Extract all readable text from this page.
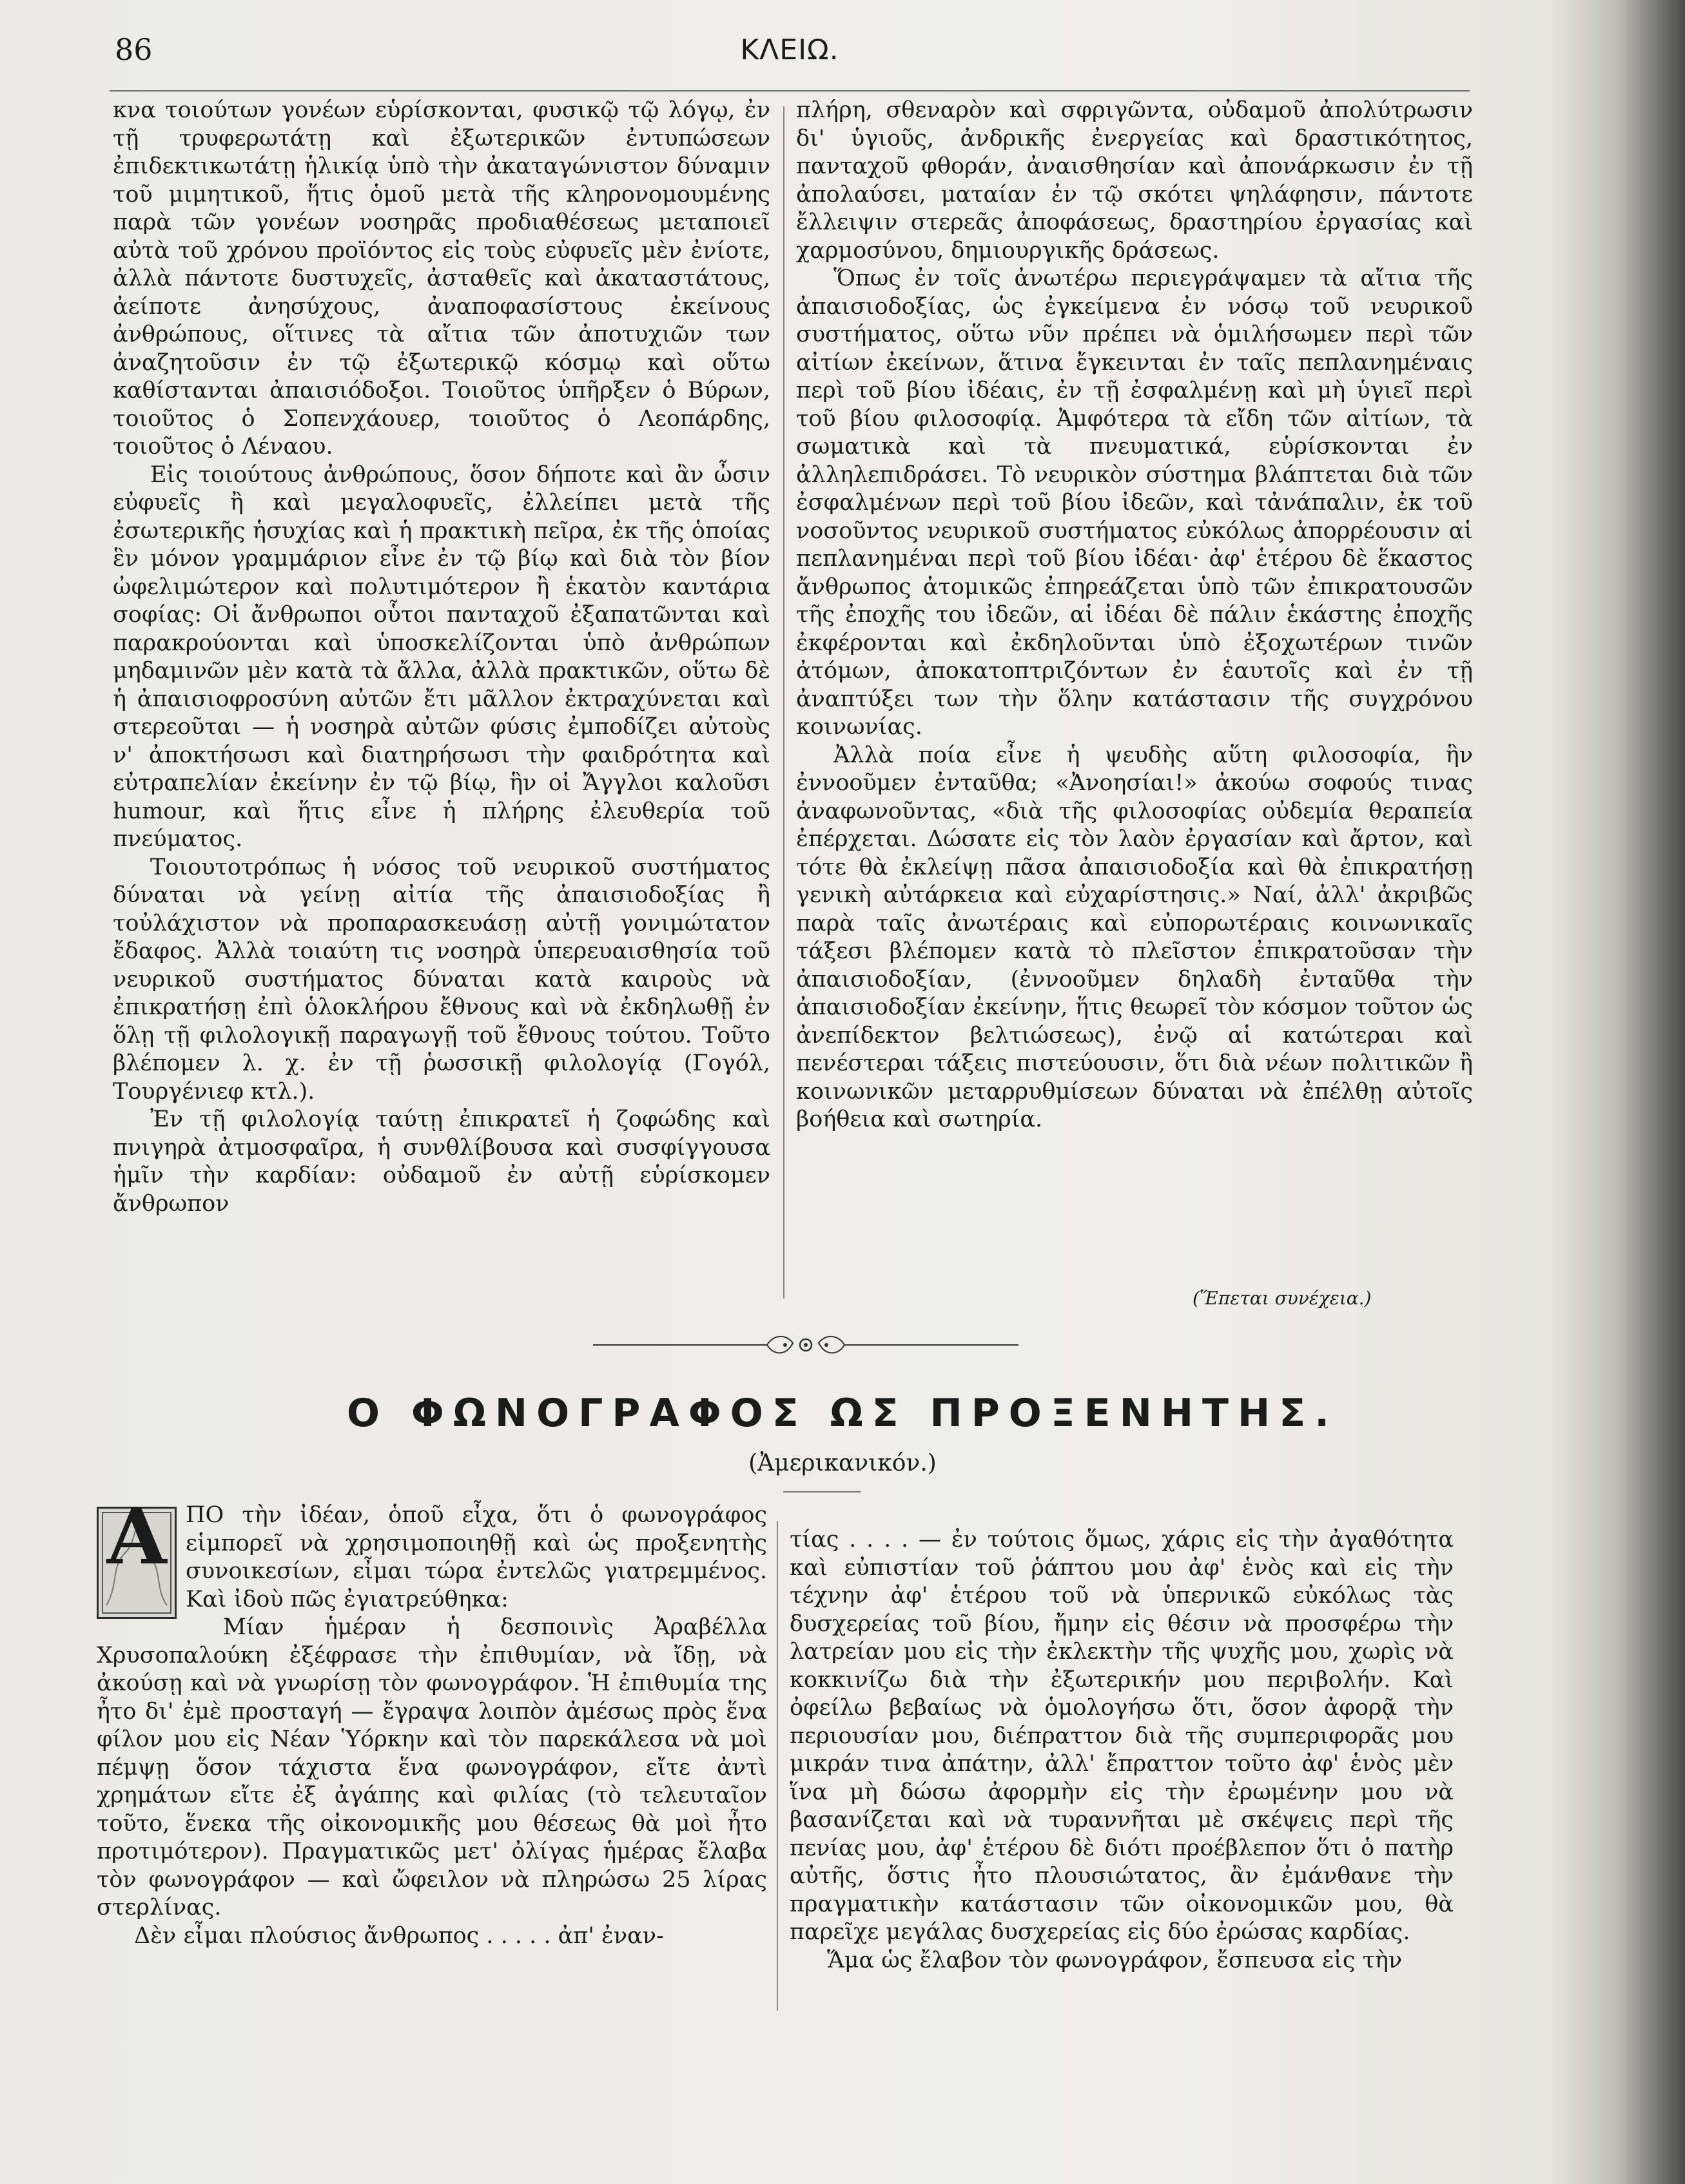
86	ΚΛΕΙΩ.

κνα τοιούτων γονέων εὑρίσκονται, φυσικῷ τῷ λόγῳ, ἐν τῇ τρυφερωτάτῃ καὶ ἐξωτερικῶν ἐντυπώσεων ἐπιδεκτικωτάτῃ ἡλικίᾳ ὑπὸ τὴν ἀκαταγώνιστον δύναμιν τοῦ μιμητικοῦ, ἥτις ὁμοῦ μετὰ τῆς κληρονομουμένης παρὰ τῶν γονέων νοσηρᾶς προδιαθέσεως μεταποιεῖ αὐτὰ τοῦ χρόνου προϊόντος εἰς τοὺς εὐφυεῖς μὲν ἐνίοτε, ἀλλὰ πάντοτε δυστυχεῖς, ἀσταθεῖς καὶ ἀκαταστάτους, ἀείποτε ἀνησύχους, ἀναποφασίστους ἐκείνους ἀνθρώπους, οἵτινες τὰ αἴτια τῶν ἀποτυχιῶν των ἀναζητοῦσιν ἐν τῷ ἐξωτερικῷ κόσμῳ καὶ οὕτω καθίστανται ἀπαισιόδοξοι. Τοιοῦτος ὑπῆρξεν ὁ Βύρων, τοιοῦτος ὁ Σοπενχάουερ, τοιοῦτος ὁ Λεοπάρδης, τοιοῦτος ὁ Λέναου.

Εἰς τοιούτους ἀνθρώπους, ὅσον δήποτε καὶ ἂν ὦσιν εὐφυεῖς ἢ καὶ μεγαλοφυεῖς, ἐλλείπει μετὰ τῆς ἐσωτερικῆς ἡσυχίας καὶ ἡ πρακτικὴ πεῖρα, ἐκ τῆς ὁποίας ἓν μόνον γραμμάριον εἶνε ἐν τῷ βίῳ καὶ διὰ τὸν βίον ὠφελιμώτερον καὶ πολυτιμότερον ἢ ἑκατὸν καντάρια σοφίας: Οἱ ἄνθρωποι οὗτοι πανταχοῦ ἐξαπατῶνται καὶ παρακρούονται καὶ ὑποσκελίζονται ὑπὸ ἀνθρώπων μηδαμινῶν μὲν κατὰ τὰ ἄλλα, ἀλλὰ πρακτικῶν, οὕτω δὲ ἡ ἀπαισιοφροσύνη αὐτῶν ἔτι μᾶλλον ἐκτραχύνεται καὶ στερεοῦται — ἡ νοσηρὰ αὐτῶν φύσις ἐμποδίζει αὐτοὺς ν' ἀποκτήσωσι καὶ διατηρήσωσι τὴν φαιδρότητα καὶ εὐτραπελίαν ἐκείνην ἐν τῷ βίῳ, ἣν οἱ Ἄγγλοι καλοῦσι humour, καὶ ἥτις εἶνε ἡ πλήρης ἐλευθερία τοῦ πνεύματος.

Τοιουτοτρόπως ἡ νόσος τοῦ νευρικοῦ συστήματος δύναται νὰ γείνῃ αἰτία τῆς ἀπαισιοδοξίας ἢ τοὐλάχιστον νὰ προπαρασκευάσῃ αὐτῇ γονιμώτατον ἔδαφος. Ἀλλὰ τοιαύτη τις νοσηρὰ ὑπερευαισθησία τοῦ νευρικοῦ συστήματος δύναται κατὰ καιροὺς νὰ ἐπικρατήσῃ ἐπὶ ὁλοκλήρου ἔθνους καὶ νὰ ἐκδηλωθῇ ἐν ὅλῃ τῇ φιλολογικῇ παραγωγῇ τοῦ ἔθνους τούτου. Τοῦτο βλέπομεν λ. χ. ἐν τῇ ῥωσσικῇ φιλολογίᾳ (Γογόλ, Τουργένιεφ κτλ.).

Ἐν τῇ φιλολογίᾳ ταύτῃ ἐπικρατεῖ ἡ ζοφώδης καὶ πνιγηρὰ ἀτμοσφαῖρα, ἡ συνθλίβουσα καὶ συσφίγγουσα ἡμῖν τὴν καρδίαν: οὐδαμοῦ ἐν αὐτῇ εὑρίσκομεν ἄνθρωπον

πλήρη, σθεναρὸν καὶ σφριγῶντα, οὐδαμοῦ ἀπολύτρωσιν δι' ὑγιοῦς, ἀνδρικῆς ἐνεργείας καὶ δραστικότητος, πανταχοῦ φθοράν, ἀναισθησίαν καὶ ἀπονάρκωσιν ἐν τῇ ἀπολαύσει, ματαίαν ἐν τῷ σκότει ψηλάφησιν, πάντοτε ἔλλειψιν στερεᾶς ἀποφάσεως, δραστηρίου ἐργασίας καὶ χαρμοσύνου, δημιουργικῆς δράσεως.

Ὅπως ἐν τοῖς ἀνωτέρω περιεγράψαμεν τὰ αἴτια τῆς ἀπαισιοδοξίας, ὡς ἐγκείμενα ἐν νόσῳ τοῦ νευρικοῦ συστήματος, οὕτω νῦν πρέπει νὰ ὁμιλήσωμεν περὶ τῶν αἰτίων ἐκείνων, ἅτινα ἔγκεινται ἐν ταῖς πεπλανημέναις περὶ τοῦ βίου ἰδέαις, ἐν τῇ ἐσφαλμένῃ καὶ μὴ ὑγιεῖ περὶ τοῦ βίου φιλοσοφίᾳ. Ἀμφότερα τὰ εἴδη τῶν αἰτίων, τὰ σωματικὰ καὶ τὰ πνευματικά, εὑρίσκονται ἐν ἀλληλεπιδράσει. Τὸ νευρικὸν σύστημα βλάπτεται διὰ τῶν ἐσφαλμένων περὶ τοῦ βίου ἰδεῶν, καὶ τἀνάπαλιν, ἐκ τοῦ νοσοῦντος νευρικοῦ συστήματος εὐκόλως ἀπορρέουσιν αἱ πεπλανημέναι περὶ τοῦ βίου ἰδέαι· ἀφ' ἑτέρου δὲ ἕκαστος ἄνθρωπος ἀτομικῶς ἐπηρεάζεται ὑπὸ τῶν ἐπικρατουσῶν τῆς ἐποχῆς του ἰδεῶν, αἱ ἰδέαι δὲ πάλιν ἑκάστης ἐποχῆς ἐκφέρονται καὶ ἐκδηλοῦνται ὑπὸ ἐξοχωτέρων τινῶν ἀτόμων, ἀποκατοπτριζόντων ἐν ἑαυτοῖς καὶ ἐν τῇ ἀναπτύξει των τὴν ὅλην κατάστασιν τῆς συγχρόνου κοινωνίας.

Ἀλλὰ ποία εἶνε ἡ ψευδὴς αὕτη φιλοσοφία, ἣν ἐννοοῦμεν ἐνταῦθα; «Ἀνοησίαι!» ἀκούω σοφούς τινας ἀναφωνοῦντας, «διὰ τῆς φιλοσοφίας οὐδεμία θεραπεία ἐπέρχεται. Δώσατε εἰς τὸν λαὸν ἐργασίαν καὶ ἄρτον, καὶ τότε θὰ ἐκλείψῃ πᾶσα ἀπαισιοδοξία καὶ θὰ ἐπικρατήσῃ γενικὴ αὐτάρκεια καὶ εὐχαρίστησις.» Ναί, ἀλλ' ἀκριβῶς παρὰ ταῖς ἀνωτέραις καὶ εὐπορωτέραις κοινωνικαῖς τάξεσι βλέπομεν κατὰ τὸ πλεῖστον ἐπικρατοῦσαν τὴν ἀπαισιοδοξίαν, (ἐννοοῦμεν δηλαδὴ ἐνταῦθα τὴν ἀπαισιοδοξίαν ἐκείνην, ἥτις θεωρεῖ τὸν κόσμον τοῦτον ὡς ἀνεπίδεκτον βελτιώσεως), ἐνῷ αἱ κατώτεραι καὶ πενέστεραι τάξεις πιστεύουσιν, ὅτι διὰ νέων πολιτικῶν ἢ κοινωνικῶν μεταρρυθμίσεων δύναται νὰ ἐπέλθῃ αὐτοῖς βοήθεια καὶ σωτηρία.

(Ἕπεται συνέχεια.)
Ο ΦΩΝΟΓΡΑΦΟΣ ΩΣ ΠΡΟΞΕΝΗΤΗΣ.
(Ἀμερικανικόν.)
Α ΠΟ τὴν ἰδέαν, ὁποῦ εἶχα, ὅτι ὁ φωνογράφος εἱμπορεῖ νὰ χρησιμοποιηθῇ καὶ ὡς προξενητὴς συνοικεσίων, εἶμαι τώρα ἐντελῶς γιατρεμμένος. Καὶ ἰδοὺ πῶς ἐγιατρεύθηκα:

Μίαν ἡμέραν ἡ δεσποινὶς Ἀραβέλλα Χρυσοπαλούκη ἐξέφρασε τὴν ἐπιθυμίαν, νὰ ἴδῃ, νὰ ἀκούσῃ καὶ νὰ γνωρίσῃ τὸν φωνογράφον. Ἡ ἐπιθυμία της ἦτο δι' ἐμὲ προσταγή — ἔγραψα λοιπὸν ἀμέσως πρὸς ἕνα φίλον μου εἰς Νέαν Ὑόρκην καὶ τὸν παρεκάλεσα νὰ μοὶ πέμψῃ ὅσον τάχιστα ἕνα φωνογράφον, εἴτε ἀντὶ χρημάτων εἴτε ἐξ ἀγάπης καὶ φιλίας (τὸ τελευταῖον τοῦτο, ἕνεκα τῆς οἰκονομικῆς μου θέσεως θὰ μοὶ ἦτο προτιμότερον). Πραγματικῶς μετ' ὀλίγας ἡμέρας ἔλαβα τὸν φωνογράφον — καὶ ὤφειλον νὰ πληρώσω 25 λίρας στερλίνας.

Δὲν εἶμαι πλούσιος ἄνθρωπος . . . . . ἀπ' ἐναν-

τίας . . . . — ἐν τούτοις ὅμως, χάρις εἰς τὴν ἀγαθότητα καὶ εὐπιστίαν τοῦ ῥάπτου μου ἀφ' ἑνὸς καὶ εἰς τὴν τέχνην ἀφ' ἑτέρου τοῦ νὰ ὑπερνικῶ εὐκόλως τὰς δυσχερείας τοῦ βίου, ἤμην εἰς θέσιν νὰ προσφέρω τὴν λατρείαν μου εἰς τὴν ἐκλεκτὴν τῆς ψυχῆς μου, χωρὶς νὰ κοκκινίζω διὰ τὴν ἐξωτερικήν μου περιβολήν. Καὶ ὀφείλω βεβαίως νὰ ὁμολογήσω ὅτι, ὅσον ἀφορᾷ τὴν περιουσίαν μου, διέπραττον διὰ τῆς συμπεριφορᾶς μου μικράν τινα ἀπάτην, ἀλλ' ἔπραττον τοῦτο ἀφ' ἑνὸς μὲν ἵνα μὴ δώσω ἀφορμὴν εἰς τὴν ἐρωμένην μου νὰ βασανίζεται καὶ νὰ τυραννῆται μὲ σκέψεις περὶ τῆς πενίας μου, ἀφ' ἑτέρου δὲ διότι προέβλεπον ὅτι ὁ πατὴρ αὐτῆς, ὅστις ἦτο πλουσιώτατος, ἂν ἐμάνθανε τὴν πραγματικὴν κατάστασιν τῶν οἰκονομικῶν μου, θὰ παρεῖχε μεγάλας δυσχερείας εἰς δύο ἐρώσας καρδίας.

Ἅμα ὡς ἔλαβον τὸν φωνογράφον, ἔσπευσα εἰς τὴν
